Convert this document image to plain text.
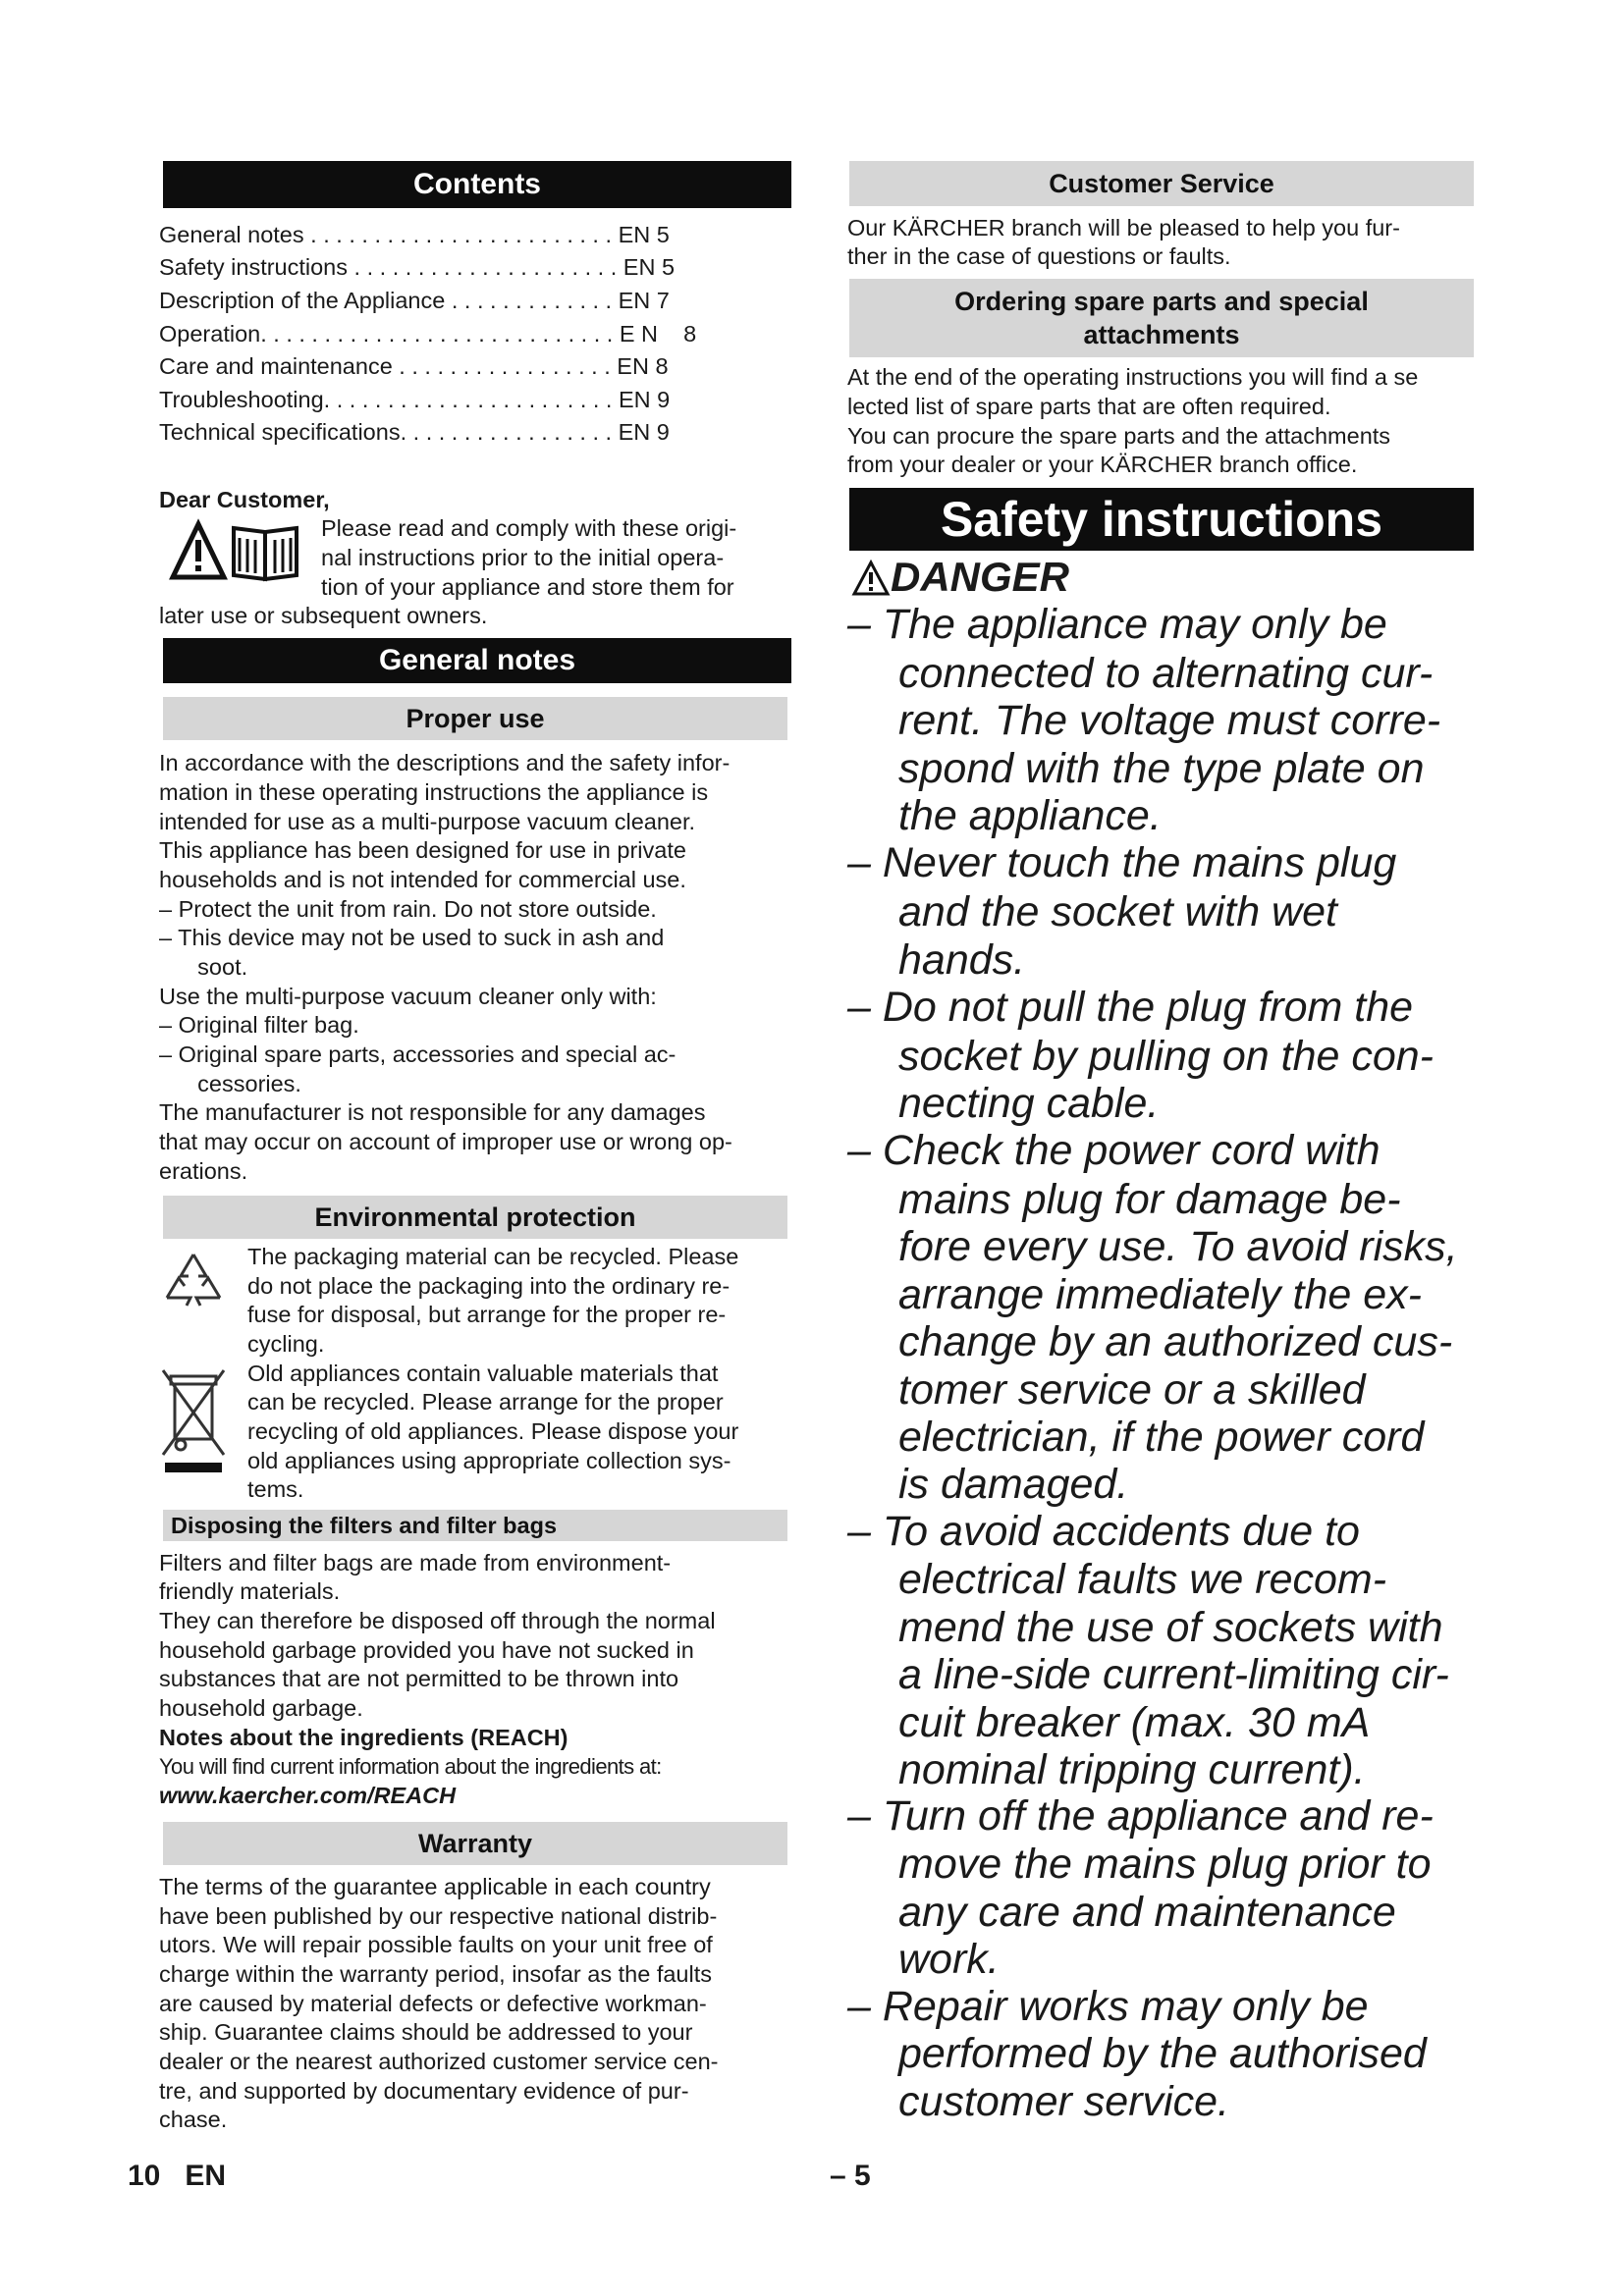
Contents
General notes . . . . . . . . . . . . . . . . . . . . . . . . EN 5
Safety instructions . . . . . . . . . . . . . . . . . . . . . EN 5
Description of the Appliance . . . . . . . . . . . . . EN 7
Operation. . . . . . . . . . . . . . . . . . . . . . . . . . . . E N    8
Care and maintenance . . . . . . . . . . . . . . . . . EN 8
Troubleshooting. . . . . . . . . . . . . . . . . . . . . . . EN 9
Technical specifications. . . . . . . . . . . . . . . . . EN 9
Dear Customer,
Please read and comply with these origi-
nal instructions prior to the initial opera-
tion of your appliance and store them for
later use or subsequent owners.
General notes
Proper use
In accordance with the descriptions and the safety infor-
mation in these operating instructions the appliance is
intended for use as a multi-purpose vacuum cleaner.
This appliance has been designed for use in private
households and is not intended for commercial use.
– Protect the unit from rain. Do not store outside.
– This device may not be used to suck in ash and
soot.
Use the multi-purpose vacuum cleaner only with:
– Original filter bag.
– Original spare parts, accessories and special ac-
cessories.
The manufacturer is not responsible for any damages
that may occur on account of improper use or wrong op-
erations.
Environmental protection
The packaging material can be recycled. Please
do not place the packaging into the ordinary re-
fuse for disposal, but arrange for the proper re-
cycling.
Old appliances contain valuable materials that
can be recycled. Please arrange for the proper
recycling of old appliances. Please dispose your
old appliances using appropriate collection sys-
tems.
Disposing the filters and filter bags
Filters and filter bags are made from environment-
friendly materials.
They can therefore be disposed off through the normal
household garbage provided you have not sucked in
substances that are not permitted to be thrown into
household garbage.
Notes about the ingredients (REACH)
You will find current information about the ingredients at:
www.kaercher.com/REACH
Warranty
The terms of the guarantee applicable in each country
have been published by our respective national distrib-
utors. We will repair possible faults on your unit free of
charge within the warranty period, insofar as the faults
are caused by material defects or defective workman-
ship. Guarantee claims should be addressed to your
dealer or the nearest authorized customer service cen-
tre, and supported by documentary evidence of pur-
chase.
Customer Service
Our KÄRCHER branch will be pleased to help you fur-
ther in the case of questions or faults.
Ordering spare parts and special
attachments
At the end of the operating instructions you will find a se
lected list of spare parts that are often required.
You can procure the spare parts and the attachments
from your dealer or your KÄRCHER branch office.
Safety instructions
DANGER
– The appliance may only be
connected to alternating cur-
rent. The voltage must corre-
spond with the type plate on
the appliance.
– Never touch the mains plug
and the socket with wet
hands.
– Do not pull the plug from the
socket by pulling on the con-
necting cable.
– Check the power cord with
mains plug for damage be-
fore every use. To avoid risks,
arrange immediately the ex-
change by an authorized cus-
tomer service or a skilled
electrician, if the power cord
is damaged.
– To avoid accidents due to
electrical faults we recom-
mend the use of sockets with
a line-side current-limiting cir-
cuit breaker (max. 30 mA
nominal tripping current).
– Turn off the appliance and re-
move the mains plug prior to
any care and maintenance
work.
– Repair works may only be
performed by the authorised
customer service.
10   EN	– 5
